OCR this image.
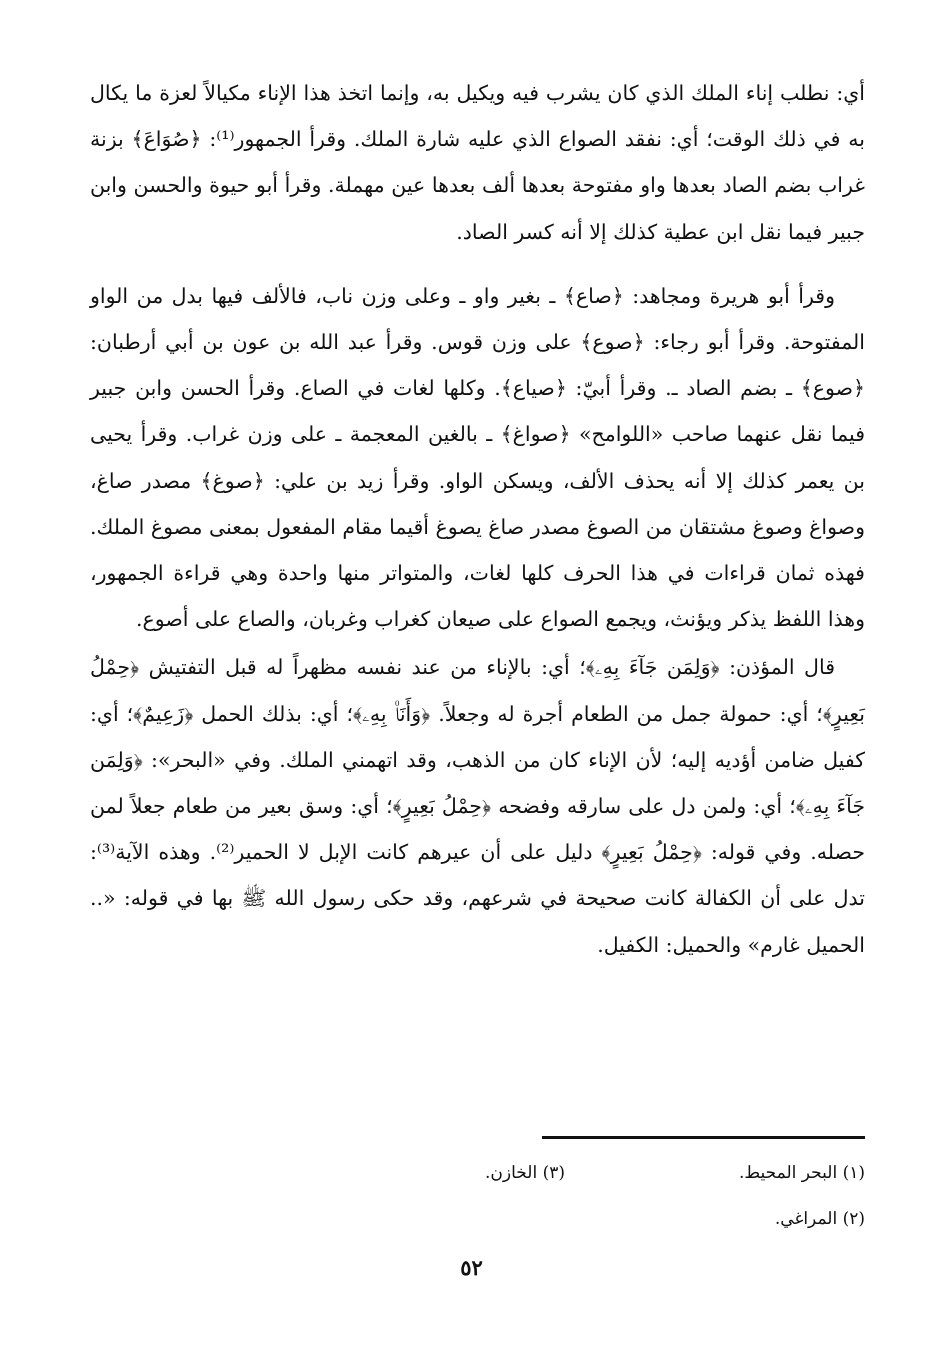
أي: نطلب إناء الملك الذي كان يشرب فيه ويكيل به، وإنما اتخذ هذا الإناء مكيالاً لعزة ما يكال به في ذلك الوقت؛ أي: نفقد الصواع الذي عليه شارة الملك. وقرأ الجمهور⁽¹⁾: ﴿صُوَاعَ﴾ بزنة غراب بضم الصاد بعدها واو مفتوحة بعدها ألف بعدها عين مهملة. وقرأ أبو حيوة والحسن وابن جبير فيما نقل ابن عطية كذلك إلا أنه كسر الصاد.

وقرأ أبو هريرة ومجاهد: ﴿صاع﴾ ـ بغير واو ـ وعلى وزن ناب، فالألف فيها بدل من الواو المفتوحة. وقرأ أبو رجاء: ﴿صوع﴾ على وزن قوس. وقرأ عبد الله بن عون بن أبي أرطبان: ﴿صوع﴾ ـ بضم الصاد ـ. وقرأ أبيّ: ﴿صياع﴾. وكلها لغات في الصاع. وقرأ الحسن وابن جبير فيما نقل عنهما صاحب «اللوامح» ﴿صواغ﴾ ـ بالغين المعجمة ـ على وزن غراب. وقرأ يحيى بن يعمر كذلك إلا أنه يحذف الألف، ويسكن الواو. وقرأ زيد بن علي: ﴿صوغ﴾ مصدر صاغ، وصواغ وصوغ مشتقان من الصوغ مصدر صاغ يصوغ أقيما مقام المفعول بمعنى مصوغ الملك. فهذه ثمان قراءات في هذا الحرف كلها لغات، والمتواتر منها واحدة وهي قراءة الجمهور، وهذا اللفظ يذكر ويؤنث، ويجمع الصواع على صيعان كغراب وغربان، والصاع على أصوع.

قال المؤذن: ﴿وَلِمَن جَآءَ بِهِۦ﴾؛ أي: بالإناء من عند نفسه مظهراً له قبل التفتيش ﴿حِمْلُ بَعِيرٍ﴾؛ أي: حمولة جمل من الطعام أجرة له وجعلاً. ﴿وَأَنَا۠ بِهِۦ﴾؛ أي: بذلك الحمل ﴿زَعِيمٌ﴾؛ أي: كفيل ضامن أؤديه إليه؛ لأن الإناء كان من الذهب، وقد اتهمني الملك. وفي «البحر»: ﴿وَلِمَن جَآءَ بِهِۦ﴾؛ أي: ولمن دل على سارقه وفضحه ﴿حِمْلُ بَعِيرٍ﴾؛ أي: وسق بعير من طعام جعلاً لمن حصله. وفي قوله: ﴿حِمْلُ بَعِيرٍ﴾ دليل على أن عيرهم كانت الإبل لا الحمير⁽²⁾. وهذه الآية⁽³⁾: تدل على أن الكفالة كانت صحيحة في شرعهم، وقد حكى رسول الله ﷺ بها في قوله: «.. الحميل غارم» والحميل: الكفيل.

(١) البحر المحيط.
(٣) الخازن.
(٢) المراغي.
٥٢
